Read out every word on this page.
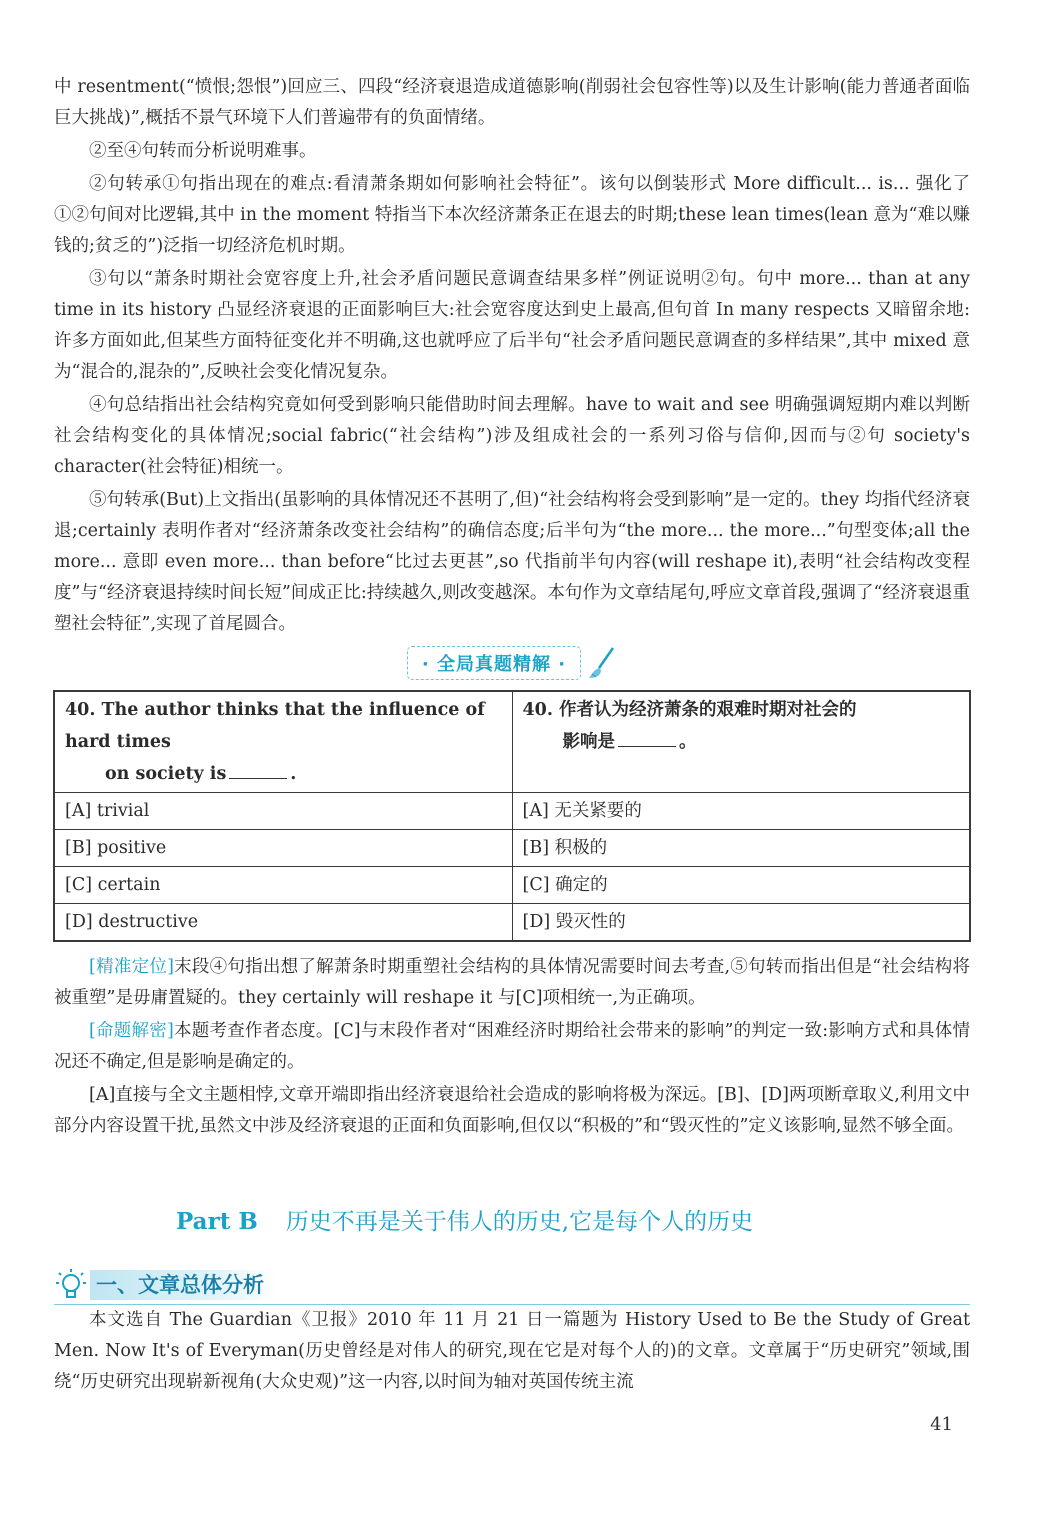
中 resentment(“愤恨;怨恨”)回应三、四段“经济衰退造成道德影响(削弱社会包容性等)以及生计影响(能力普通者面临巨大挑战)”,概括不景气环境下人们普遍带有的负面情绪。

②至④句转而分析说明难事。

②句转承①句指出现在的难点:看清萧条期如何影响社会特征”。该句以倒装形式 More difficult... is... 强化了①②句间对比逻辑,其中 in the moment 特指当下本次经济萧条正在退去的时期;these lean times(lean 意为“难以赚钱的;贫乏的”)泛指一切经济危机时期。

③句以“萧条时期社会宽容度上升,社会矛盾问题民意调查结果多样”例证说明②句。句中 more... than at any time in its history 凸显经济衰退的正面影响巨大:社会宽容度达到史上最高,但句首 In many respects 又暗留余地:许多方面如此,但某些方面特征变化并不明确,这也就呼应了后半句“社会矛盾问题民意调查的多样结果”,其中 mixed 意为“混合的,混杂的”,反映社会变化情况复杂。

④句总结指出社会结构究竟如何受到影响只能借助时间去理解。have to wait and see 明确强调短期内难以判断社会结构变化的具体情况;social fabric(“社会结构”)涉及组成社会的一系列习俗与信仰,因而与②句 society's character(社会特征)相统一。

⑤句转承(But)上文指出(虽影响的具体情况还不甚明了,但)“社会结构将会受到影响”是一定的。they 均指代经济衰退;certainly 表明作者对“经济萧条改变社会结构”的确信态度;后半句为“the more... the more...”句型变体;all the more... 意即 even more... than before“比过去更甚”,so 代指前半句内容(will reshape it),表明“社会结构改变程度”与“经济衰退持续时间长短”间成正比:持续越久,则改变越深。本句作为文章结尾句,呼应文章首段,强调了“经济衰退重塑社会特征”,实现了首尾圆合。

· 全局真题精解 ·
40. The author thinks that the influence of hard times
on society is .	40. 作者认为经济萧条的艰难时期对社会的
影响是 。
[A] trivial	[A] 无关紧要的
[B] positive	[B] 积极的
[C] certain	[C] 确定的
[D] destructive	[D] 毁灭性的

[精准定位]末段④句指出想了解萧条时期重塑社会结构的具体情况需要时间去考查,⑤句转而指出但是“社会结构将被重塑”是毋庸置疑的。they certainly will reshape it 与[C]项相统一,为正确项。

[命题解密]本题考查作者态度。[C]与末段作者对“困难经济时期给社会带来的影响”的判定一致:影响方式和具体情况还不确定,但是影响是确定的。

[A]直接与全文主题相悖,文章开端即指出经济衰退给社会造成的影响将极为深远。[B]、[D]两项断章取义,利用文中部分内容设置干扰,虽然文中涉及经济衰退的正面和负面影响,但仅以“积极的”和“毁灭性的”定义该影响,显然不够全面。

Part B 历史不再是关于伟人的历史,它是每个人的历史
一、文章总体分析

本文选自 The Guardian《卫报》2010 年 11 月 21 日一篇题为 History Used to Be the Study of Great Men. Now It's of Everyman(历史曾经是对伟人的研究,现在它是对每个人的)的文章。文章属于“历史研究”领域,围绕“历史研究出现崭新视角(大众史观)”这一内容,以时间为轴对英国传统主流

41
